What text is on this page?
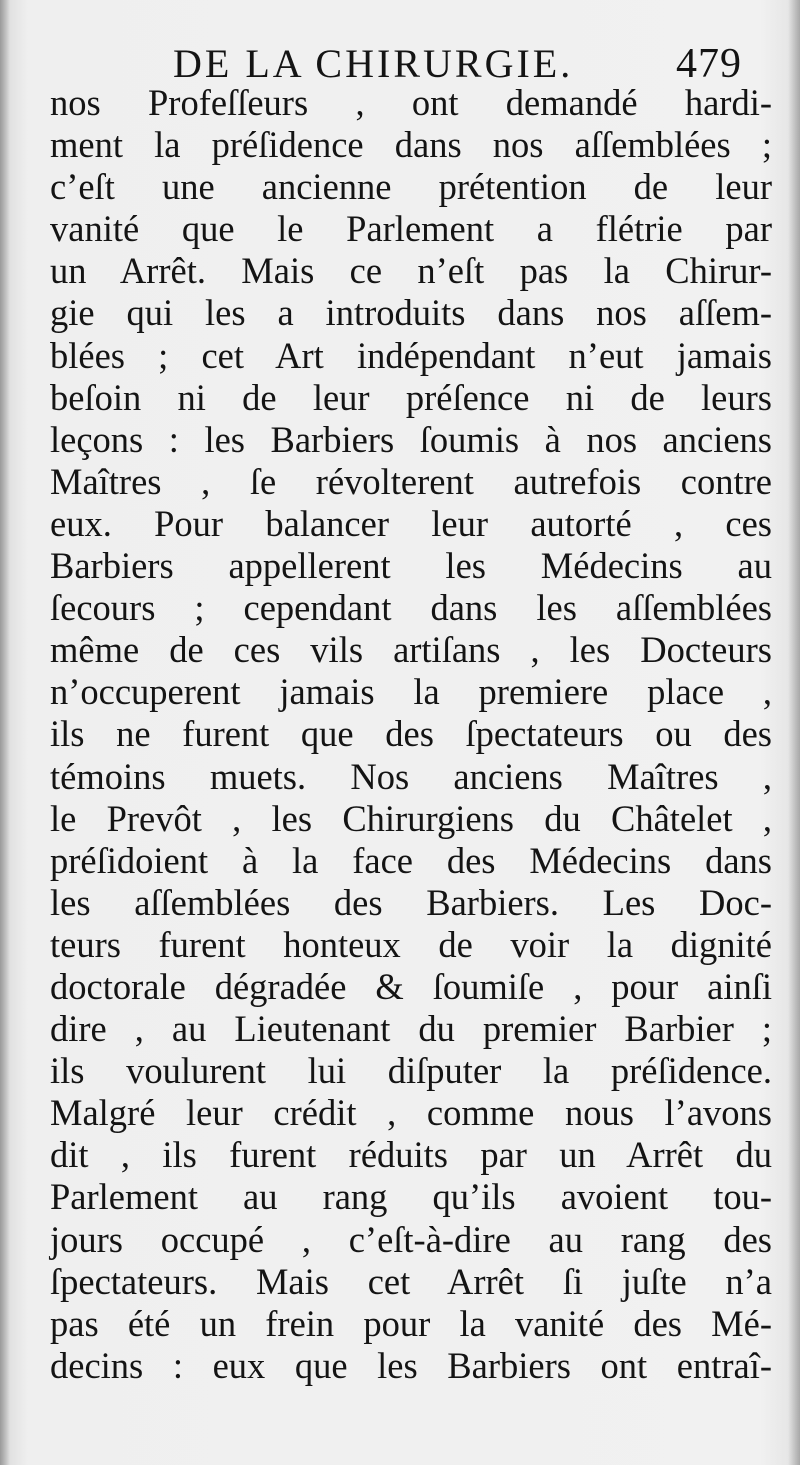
DE LA CHIRURGIE. 479
nos Profeſſeurs , ont demandé hardi-
ment la préſidence dans nos aſſemblées ;
c’eſt une ancienne prétention de leur
vanité que le Parlement a flétrie par
un Arrêt. Mais ce n’eſt pas la Chirur-
gie qui les a introduits dans nos aſſem-
blées ; cet Art indépendant n’eut jamais
beſoin ni de leur préſence ni de leurs
leçons : les Barbiers ſoumis à nos anciens
Maîtres , ſe révolterent autrefois contre
eux. Pour balancer leur autorté , ces
Barbiers appellerent les Médecins au
ſecours ; cependant dans les aſſemblées
même de ces vils artiſans , les Docteurs
n’occuperent jamais la premiere place ,
ils ne furent que des ſpectateurs ou des
témoins muets. Nos anciens Maîtres ,
le Prevôt , les Chirurgiens du Châtelet ,
préſidoient à la face des Médecins dans
les aſſemblées des Barbiers. Les Doc-
teurs furent honteux de voir la dignité
doctorale dégradée & ſoumiſe , pour ainſi
dire , au Lieutenant du premier Barbier ;
ils voulurent lui diſputer la préſidence.
Malgré leur crédit , comme nous l’avons
dit , ils furent réduits par un Arrêt du
Parlement au rang qu’ils avoient tou-
jours occupé , c’eſt-à-dire au rang des
ſpectateurs. Mais cet Arrêt ſi juſte n’a
pas été un frein pour la vanité des Mé-
decins : eux que les Barbiers ont entraî-
